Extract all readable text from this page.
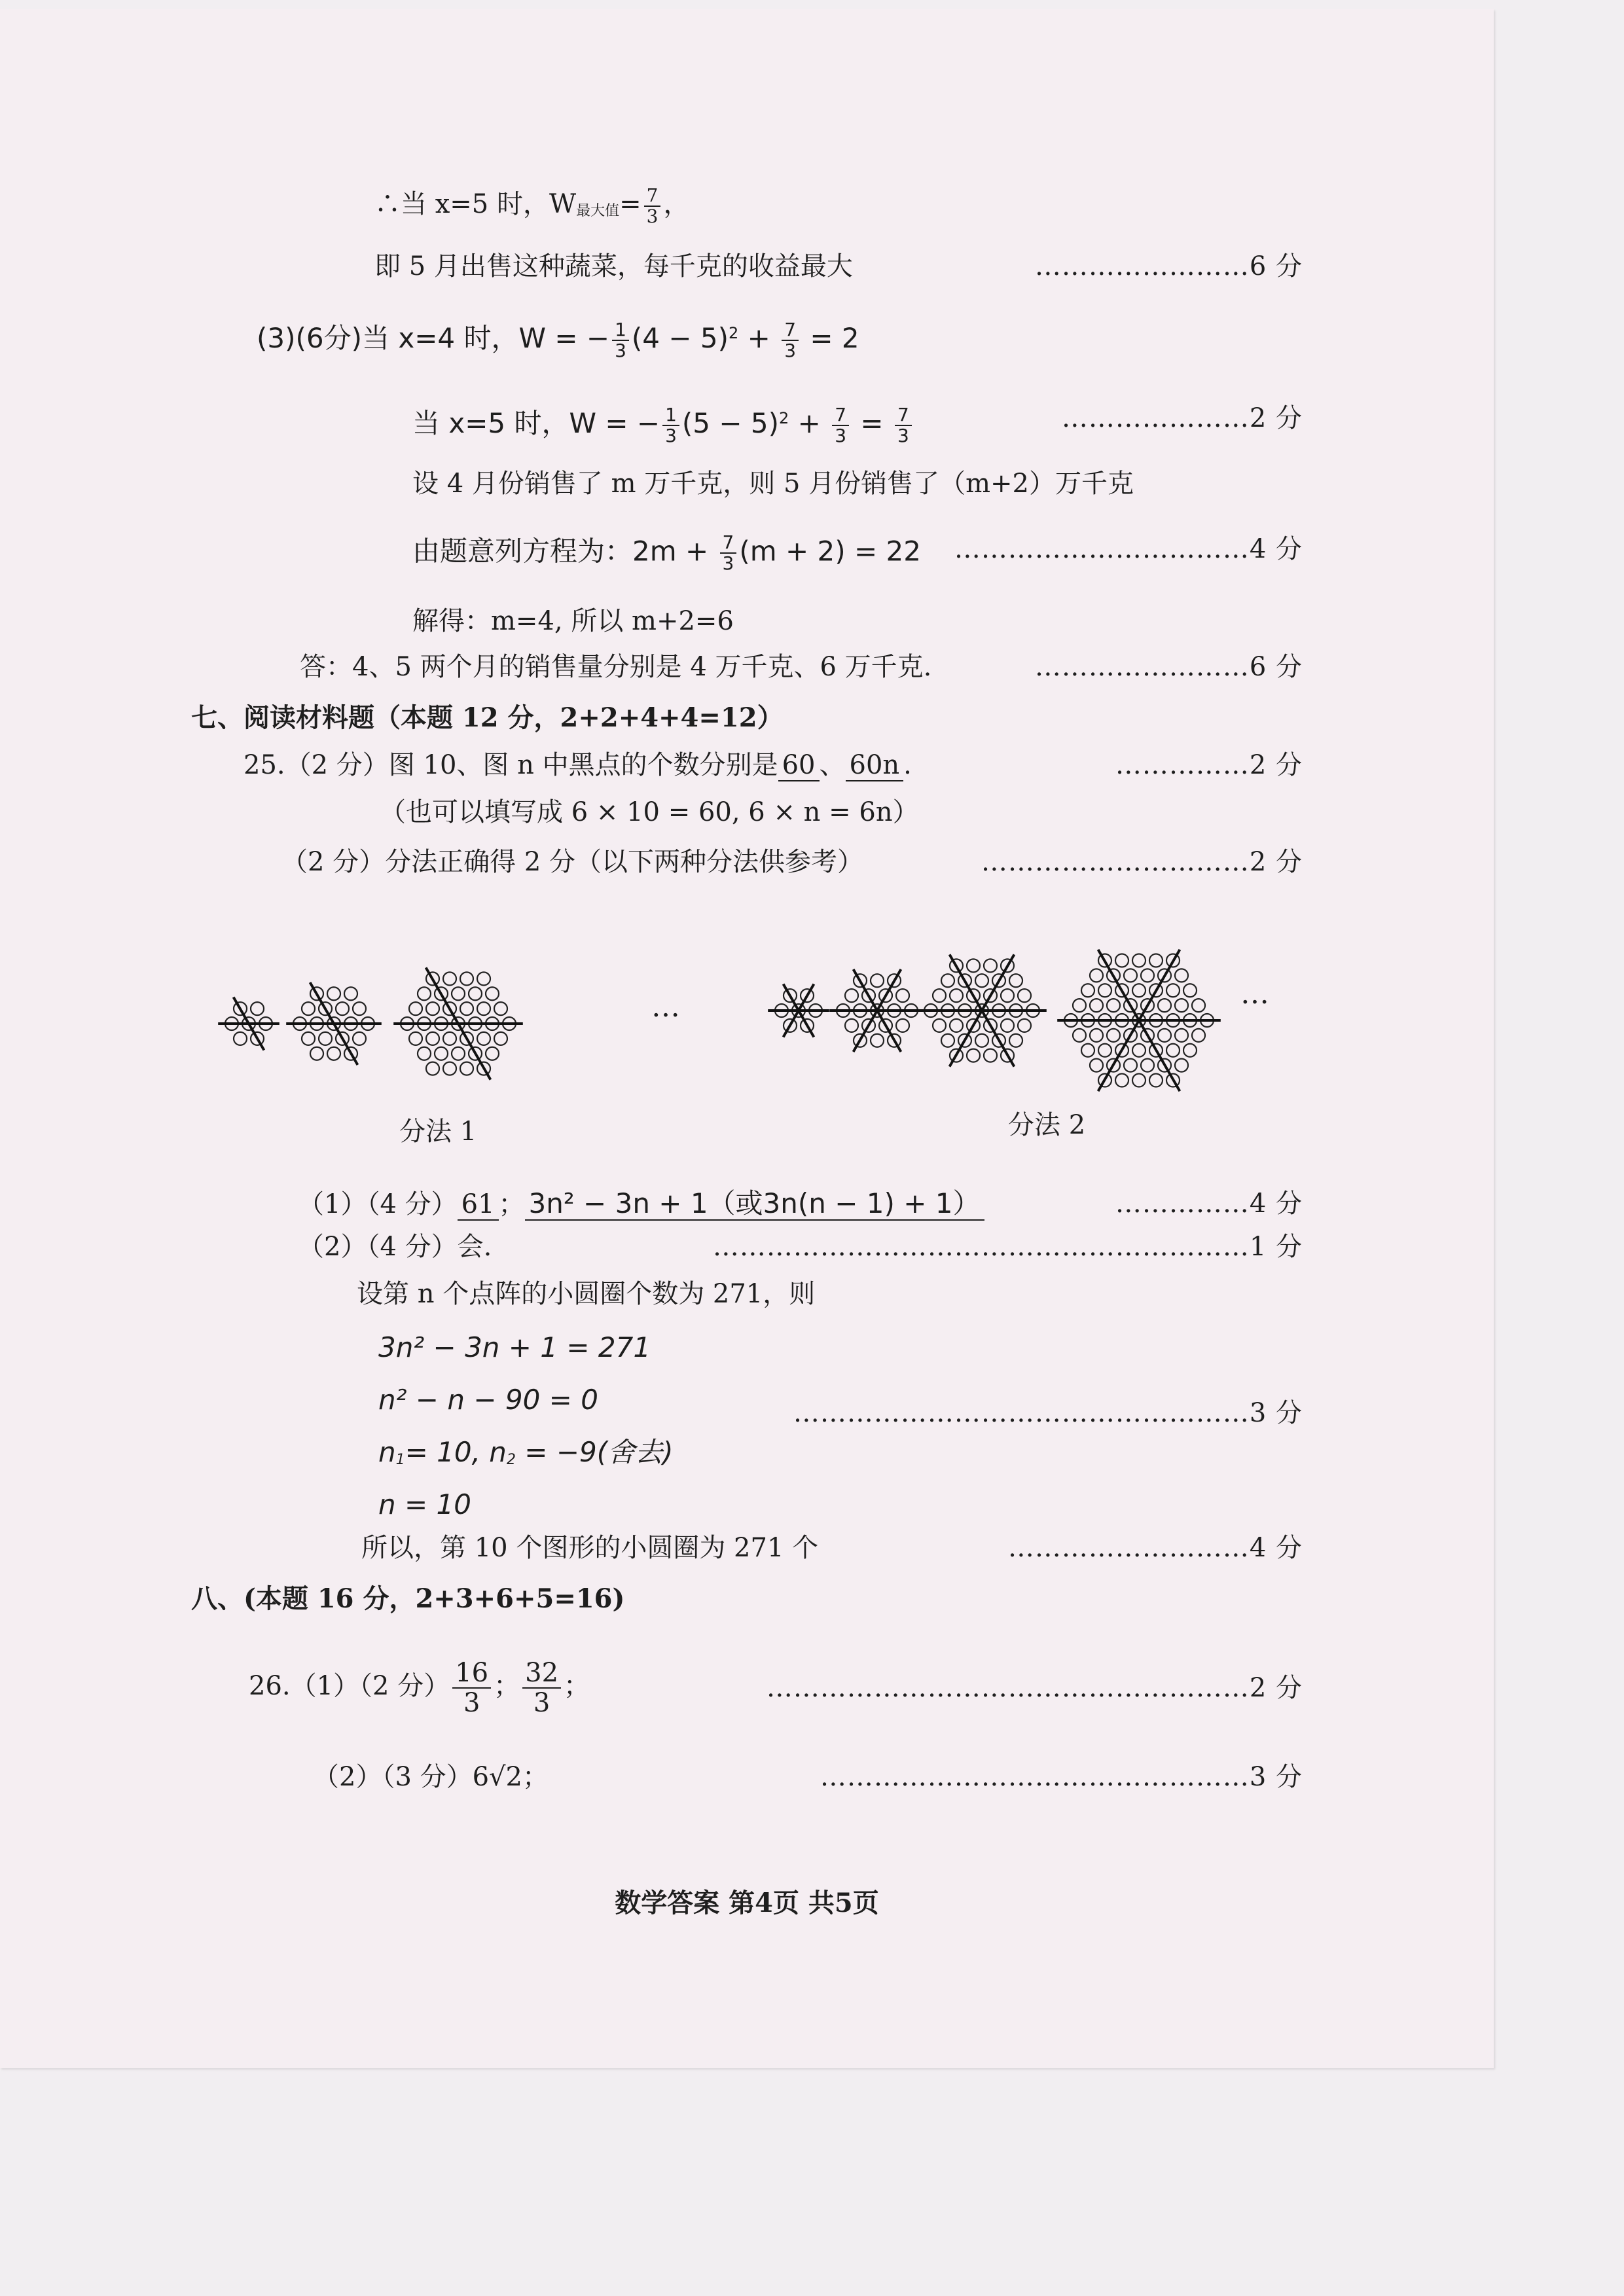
∴当 x=5 时，W最大值= $\frac{7}{3}$ ，
即 5 月出售这种蔬菜，每千克的收益最大	……………………6 分
(3)(6分)当 x=4 时，W = − $\frac{1}{3} (4 - 5)^2 + \frac{7}{3} = 2$
当 x=5 时，W = − $\frac{1}{3} (5 - 5)^2 + \frac{7}{3} = \frac{7}{3}$	…………………2 分
设 4 月份销售了 m 万千克，则 5 月份销售了（m+2）万千克
由题意列方程为：$2m + \frac{7}{3} (m + 2) = 22$ ……………………………4 分
解得：m=4, 所以 m+2=6
答：4、5 两个月的销售量分别是 4 万千克、6 万千克.	……………………6 分
七、阅读材料题（本题 12 分，2+2+4+4=12）
25.（2 分）图 10、图 n 中黑点的个数分别是 60 、 60n .	……………2 分
（也可以填写成 6 × 10 = 60, 6 × n = 6n）
（2 分）分法正确得 2 分（以下两种分法供参考）	…………………………2 分
…	…
分法 1	分法 2
（1）（4 分） 61 ； 3n² − 3n + 1（或3n(n − 1) + 1）	……………4 分
（2）（4 分）会.	……………………………………………………1 分
设第 n 个点阵的小圆圈个数为 271，则
3n² − 3n + 1 = 271
n² − n − 90 = 0	……………………………………………3 分
n1= 10, n2 = −9(舍去)
n = 10
所以，第 10 个图形的小圆圈为 271 个	………………………4 分
八、(本题 16 分，2+3+6+5=16)
26.（1）（2 分） $\frac{16}{3}$ ； $\frac{32}{3}$ ；	………………………………………………2 分
（2）（3 分）6√2；	…………………………………………3 分
数学答案 第4页 共5页
